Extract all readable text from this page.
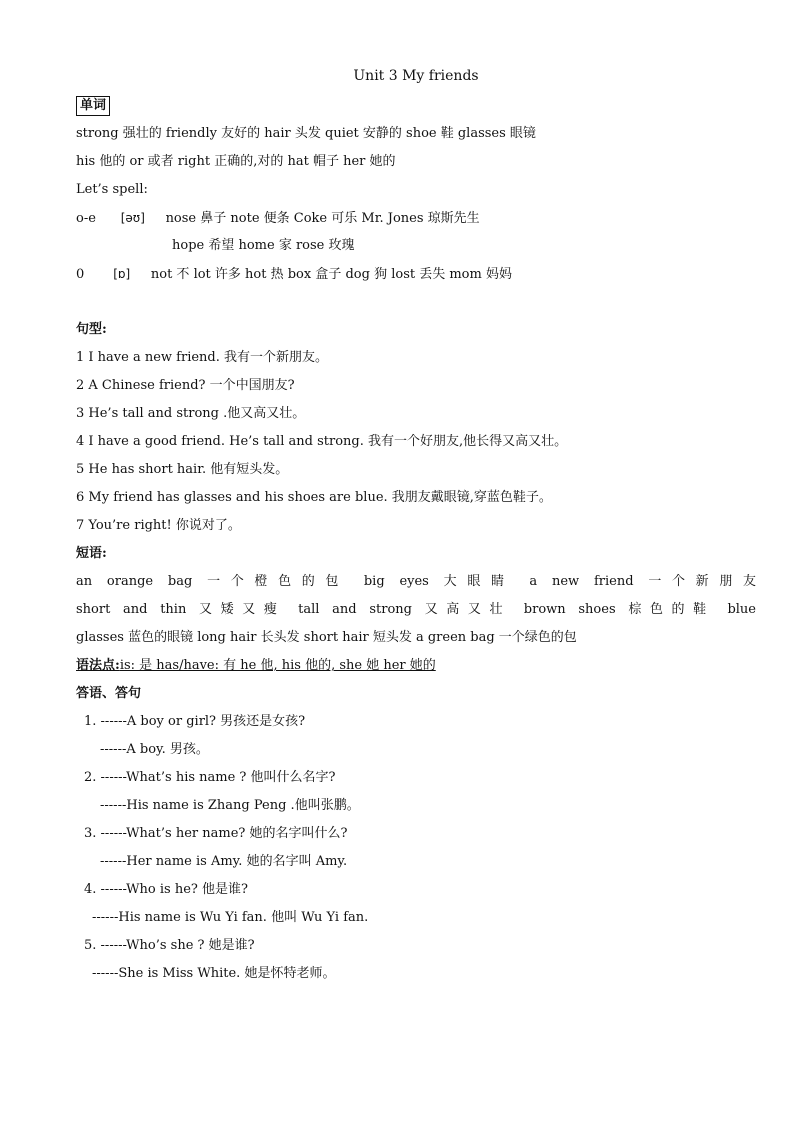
Unit 3 My friends
单词
strong 强壮的 friendly 友好的 hair 头发 quiet 安静的 shoe 鞋 glasses 眼镜
his 他的 or 或者 right 正确的,对的 hat 帽子 her 她的
Let’s spell:
o-e [əʊ] nose 鼻子 note 便条 Coke 可乐 Mr. Jones 琼斯先生
hope 希望 home 家 rose 玫瑰
0 [ɒ] not 不 lot 许多 hot 热 box 盒子 dog 狗 lost 丢失 mom 妈妈
句型:
1 I have a new friend. 我有一个新朋友。
2 A Chinese friend? 一个中国朋友?
3 He’s tall and strong .他又高又壮。
4 I have a good friend. He’s tall and strong. 我有一个好朋友,他长得又高又壮。
5 He has short hair. 他有短头发。
6 My friend has glasses and his shoes are blue. 我朋友戴眼镜,穿蓝色鞋子。
7 You’re right! 你说对了。
短语:
an orange bag 一个橙色的包 big eyes 大眼睛 a new friend 一个新朋友
short and thin 又矮又瘦 tall and strong 又高又壮 brown shoes 棕色的鞋 blue
glasses 蓝色的眼镜 long hair 长头发 short hair 短头发 a green bag 一个绿色的包
语法点:is: 是 has/have: 有 he 他, his 他的, she 她 her 她的
答语、答句
1. ------A boy or girl? 男孩还是女孩?
------A boy. 男孩。
2. ------What’s his name ? 他叫什么名字?
------His name is Zhang Peng .他叫张鹏。
3. ------What’s her name? 她的名字叫什么?
------Her name is Amy. 她的名字叫 Amy.
4. ------Who is he? 他是谁?
------His name is Wu Yi fan. 他叫 Wu Yi fan.
5. ------Who’s she ? 她是谁?
------She is Miss White. 她是怀特老师。
